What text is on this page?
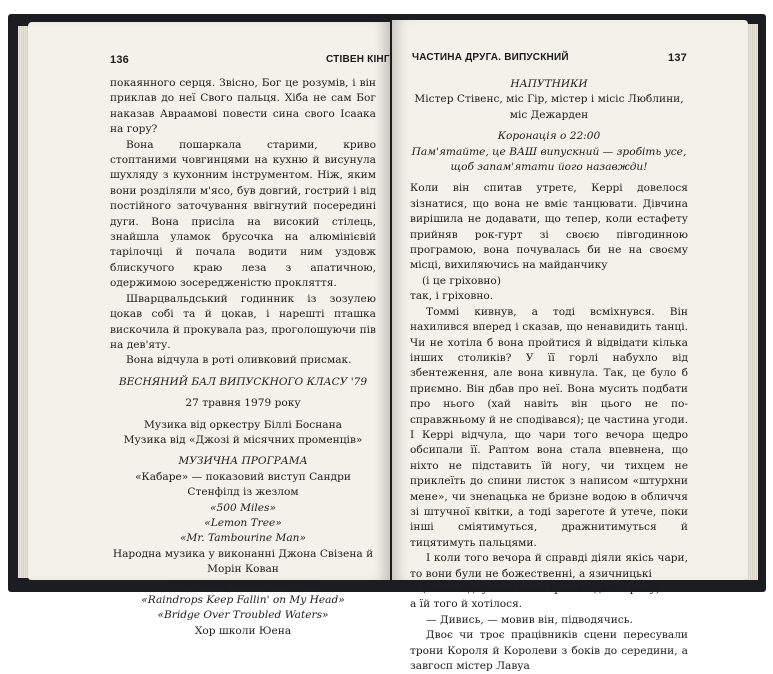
136	СТІВЕН КІНГ

покаянного серця. Звісно, Бог це розумів, і він приклав до неї Свого пальця. Хіба не сам Бог наказав Авраамові повести сина свого Ісаака на гору?

Вона пошаркала старими, криво стоптаними човгинцями на кухню й висунула шухляду з кухонним інструментом. Ніж, яким вони розділяли м'ясо, був довгий, гострий і від постійного заточування ввігнутий посередині дуги. Вона присіла на високий стілець, знайшла уламок брусочка на алюмінієвій тарілочці й почала водити ним уздовж блискучого краю леза з апатичною, одержимою зосередженістю прокляття.

Шварцвальдський годинник із зозулею цокав собі та й цокав, і нарешті пташка вискочила й прокувала раз, проголошуючи пів на дев'яту.

Вона відчула в роті оливковий присмак.

ВЕСНЯНИЙ БАЛ ВИПУСКНОГО КЛАСУ '79

27 травня 1979 року

Музика від оркестру Біллі Боснана

Музика від «Джозі й місячних променців»

МУЗИЧНА ПРОГРАМА

«Кабаре» — показовий виступ Сандри Стенфілд із жезлом

«500 Miles»

«Lemon Tree»

«Mr. Tambourine Man»

Народна музика у виконанні Джона Свізена й Морін Кован

«The Street Where You Live»

«Raindrops Keep Fallin' on My Head»

«Bridge Over Troubled Waters»

Хор школи Юена

ЧАСТИНА ДРУГА. ВИПУСКНИЙ	137

НАПУТНИКИ

Містер Стівенс, міс Гір, містер і місіс Люблини, міс Дежарден

Коронація о 22:00

Пам'ятайте, це ВАШ випускний — зробіть усе, щоб запам'ятати його назавжди!

Коли він спитав утретє, Керрі довелося зізнатися, що вона не вміє танцювати. Дівчина вирішила не додавати, що тепер, коли естафету прийняв рок-гурт зі своєю півгодинною програмою, вона почувалась би не на своєму місці, вихиляючись на майданчику

(і це гріховно)

так, і гріховно.

Томмі кивнув, а тоді всміхнувся. Він нахилився вперед і сказав, що ненавидить танці. Чи не хотіла б вона пройтися й відвідати кілька інших столиків? У її горлі набухло від збентеження, але вона кивнула. Так, це було б приємно. Він дбав про неї. Вона мусить подбати про нього (хай навіть він цього не по-справжньому й не сподівався); це частина угоди. І Керрі відчула, що чари того вечора щедро обсипали її. Раптом вона стала впевнена, що ніхто не підставить їй ногу, чи тихцем не приклеїть до спини листок з написом «штурхни мене», чи знenацька не бризне водою в обличчя зі штучної квітки, а тоді зареготе й утече, поки інші сміятимуться, дражнитимуться й тицятимуть пальцями.

І коли того вечора й справді діяли якісь чари, то вони були не божественні, а язичницькі

(мамо відпускай мене трошки далі з року)

а їй того й хотілося.

— Дивись, — мовив він, підводячись.

Двоє чи троє працівників сцени пересували трони Короля й Королеви з боків до середини, а завгосп містер Лавуа
